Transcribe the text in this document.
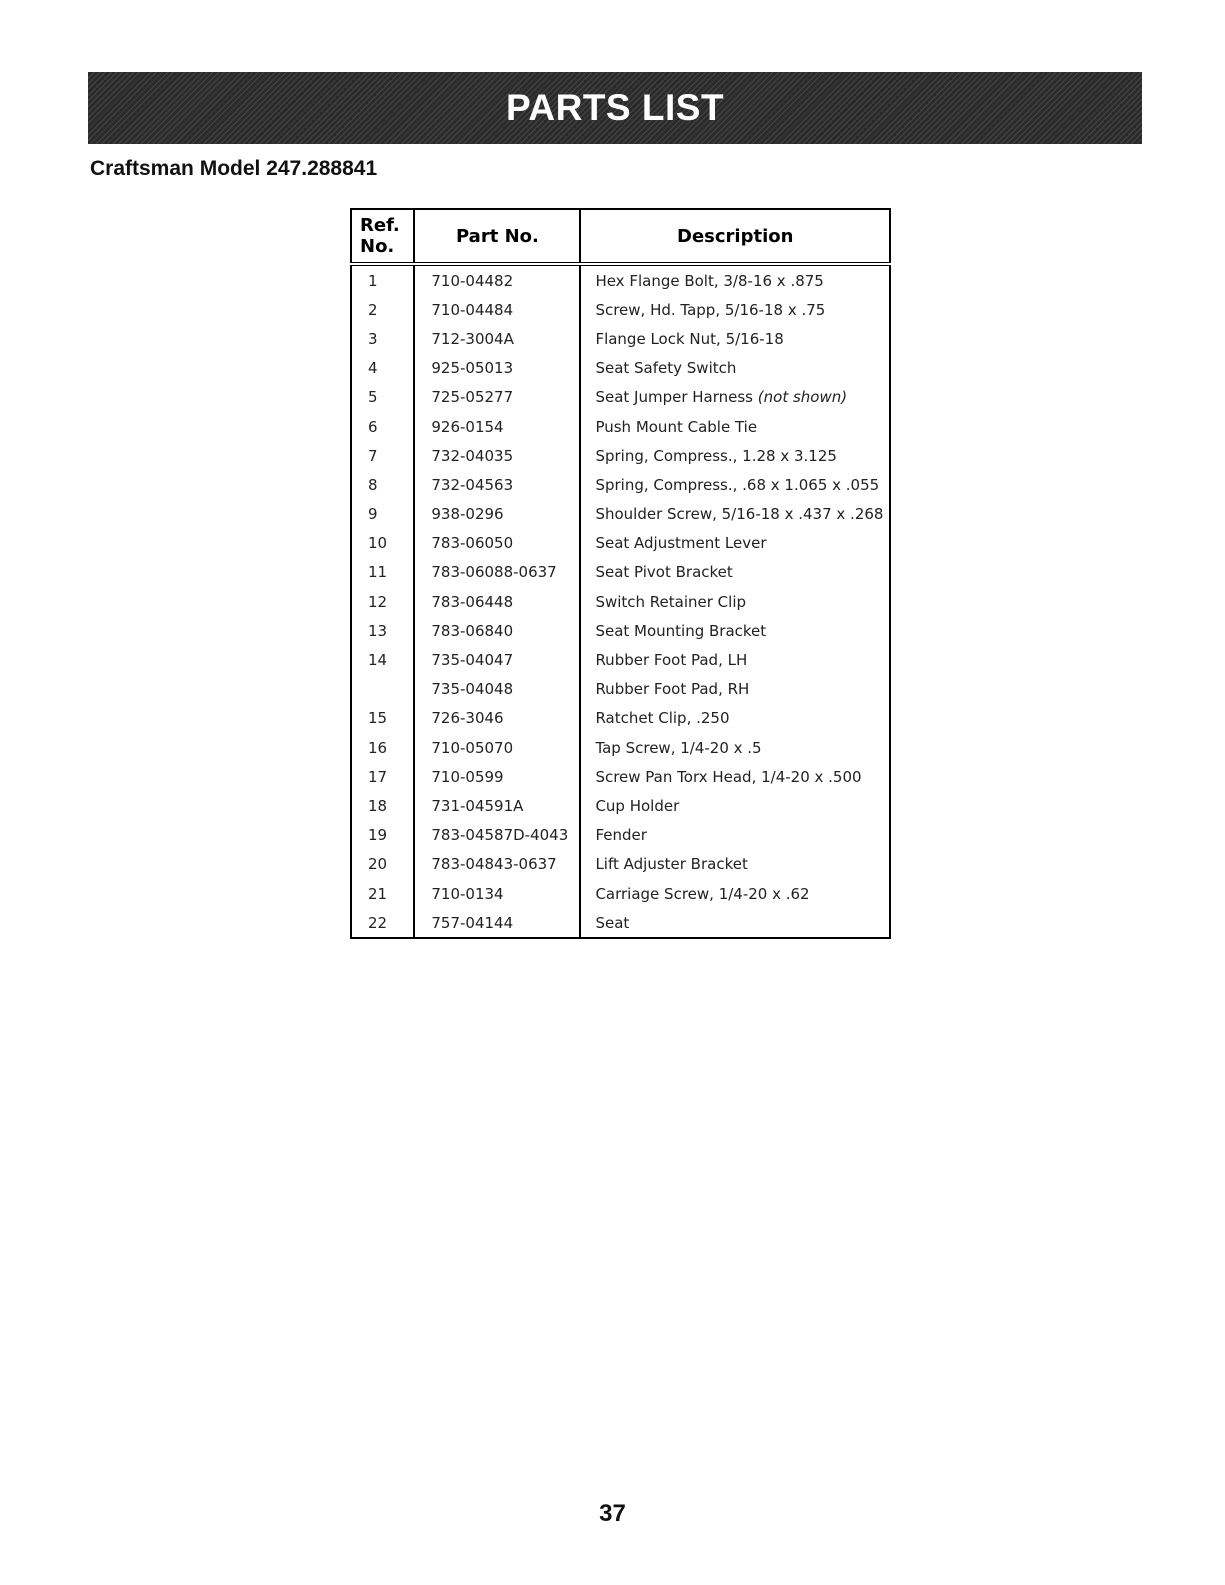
PARTS LIST
Craftsman Model 247.288841
Ref. No.	Part No.	Description
1	710-04482	Hex Flange Bolt, 3/8-16 x .875
2	710-04484	Screw, Hd. Tapp, 5/16-18 x .75
3	712-3004A	Flange Lock Nut, 5/16-18
4	925-05013	Seat Safety Switch
5	725-05277	Seat Jumper Harness (not shown)
6	926-0154	Push Mount Cable Tie
7	732-04035	Spring, Compress., 1.28 x 3.125
8	732-04563	Spring, Compress., .68 x 1.065 x .055
9	938-0296	Shoulder Screw, 5/16-18 x .437 x .268
10	783-06050	Seat Adjustment Lever
11	783-06088-0637	Seat Pivot Bracket
12	783-06448	Switch Retainer Clip
13	783-06840	Seat Mounting Bracket
14	735-04047	Rubber Foot Pad, LH
	735-04048	Rubber Foot Pad, RH
15	726-3046	Ratchet Clip, .250
16	710-05070	Tap Screw, 1/4-20 x .5
17	710-0599	Screw Pan Torx Head, 1/4-20 x .500
18	731-04591A	Cup Holder
19	783-04587D-4043	Fender
20	783-04843-0637	Lift Adjuster Bracket
21	710-0134	Carriage Screw, 1/4-20 x .62
22	757-04144	Seat
37
